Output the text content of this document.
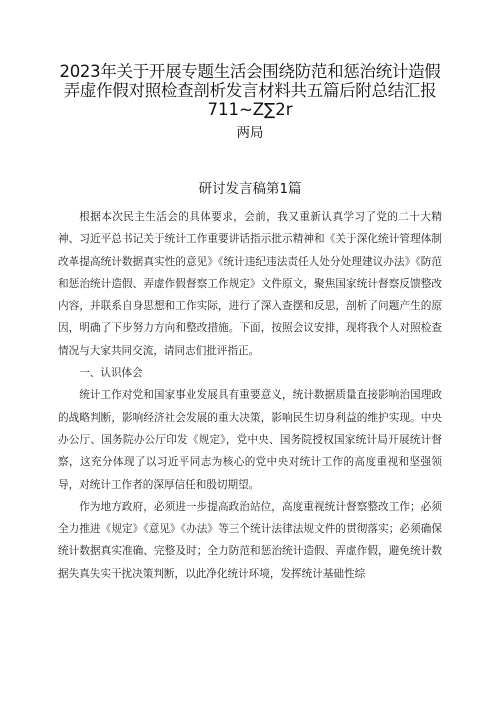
2023年关于开展专题生活会围绕防范和惩治统计造假
弄虚作假对照检查剖析发言材料共五篇后附总结汇报
711~Z∑2r
两局
研讨发言稿第1篇

根据本次民主生活会的具体要求，会前，我又重新认真学习了党的二十大精神、习近平总书记关于统计工作重要讲话指示批示精神和《关于深化统计管理体制改革提高统计数据真实性的意见》《统计违纪违法责任人处分处理建议办法》《防范和惩治统计造假、弄虚作假督察工作规定》文件原文，聚焦国家统计督察反馈整改内容，并联系自身思想和工作实际，进行了深入查摆和反思，剖析了问题产生的原因，明确了下步努力方向和整改措施。下面，按照会议安排，现将我个人对照检查情况与大家共同交流，请同志们批评指正。

一、认识体会

统计工作对党和国家事业发展具有重要意义，统计数据质量直接影响治国理政的战略判断，影响经济社会发展的重大决策，影响民生切身利益的维护实现。中央办公厅、国务院办公厅印发《规定》，党中央、国务院授权国家统计局开展统计督察，这充分体现了以习近平同志为核心的党中央对统计工作的高度重视和坚强领导，对统计工作者的深厚信任和殷切期望。

作为地方政府，必须进一步提高政治站位，高度重视统计督察整改工作；必须全力推进《规定》《意见》《办法》等三个统计法律法规文件的贯彻落实；必须确保统计数据真实准确、完整及时；全力防范和惩治统计造假、弄虚作假，避免统计数据失真失实干扰决策判断，以此净化统计环境，发挥统计基础性综
